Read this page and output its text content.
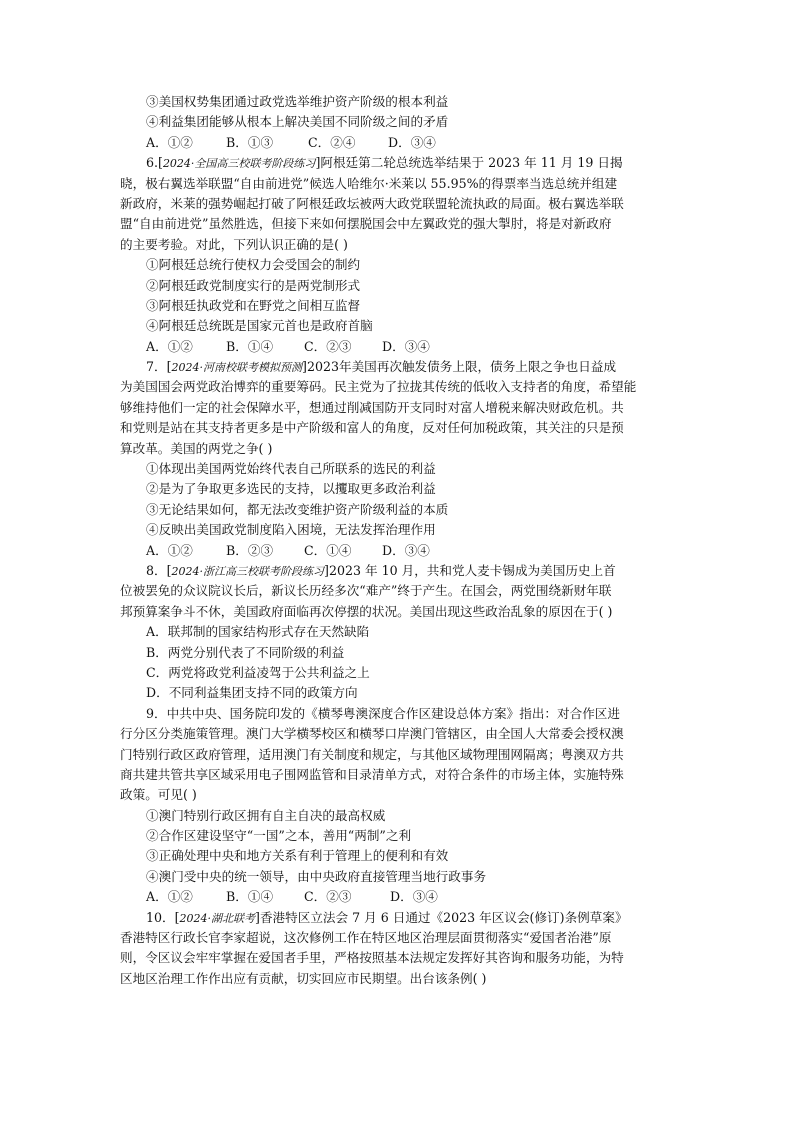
③美国权势集团通过政党选举维护资产阶级的根本利益
④利益集团能够从根本上解决美国不同阶级之间的矛盾
A．①②	B．①③	C．②④	D．③④
6.[2024·全国高三校联考阶段练习]阿根廷第二轮总统选举结果于 2023 年 11 月 19 日揭
晓，极右翼选举联盟“自由前进党”候选人哈维尔·米莱以 55.95%的得票率当选总统并组建
新政府，米莱的强势崛起打破了阿根廷政坛被两大政党联盟轮流执政的局面。极右翼选举联
盟“自由前进党”虽然胜选，但接下来如何摆脱国会中左翼政党的强大掣肘，将是对新政府
的主要考验。对此，下列认识正确的是( )
①阿根廷总统行使权力会受国会的制约
②阿根廷政党制度实行的是两党制形式
③阿根廷执政党和在野党之间相互监督
④阿根廷总统既是国家元首也是政府首脑
A．①②	B．①④ C．②③ D．③④
7．[2024·河南校联考模拟预测]2023年美国再次触发债务上限，债务上限之争也日益成
为美国国会两党政治博弈的重要筹码。民主党为了拉拢其传统的低收入支持者的角度，希望能
够维持他们一定的社会保障水平，想通过削减国防开支同时对富人增税来解决财政危机。共
和党则是站在其支持者更多是中产阶级和富人的角度，反对任何加税政策，其关注的只是预
算改革。美国的两党之争( )
①体现出美国两党始终代表自己所联系的选民的利益
②是为了争取更多选民的支持，以攫取更多政治利益
③无论结果如何，都无法改变维护资产阶级利益的本质
④反映出美国政党制度陷入困境，无法发挥治理作用
A．①②	B．②③ C．①④ D．③④
8．[2024·浙江高三校联考阶段练习]2023 年 10 月，共和党人麦卡锡成为美国历史上首
位被罢免的众议院议长后，新议长历经多次“难产”终于产生。在国会，两党围绕新财年联
邦预算案争斗不休，美国政府面临再次停摆的状况。美国出现这些政治乱象的原因在于( )
A．联邦制的国家结构形式存在天然缺陷
B．两党分别代表了不同阶级的利益
C．两党将政党利益凌驾于公共利益之上
D．不同利益集团支持不同的政策方向
9．中共中央、国务院印发的《横琴粤澳深度合作区建设总体方案》指出：对合作区进
行分区分类施策管理。澳门大学横琴校区和横琴口岸澳门管辖区，由全国人大常委会授权澳
门特别行政区政府管理，适用澳门有关制度和规定，与其他区域物理围网隔离；粤澳双方共
商共建共管共享区域采用电子围网监管和目录清单方式，对符合条件的市场主体，实施特殊
政策。可见( )
①澳门特别行政区拥有自主自决的最高权威
②合作区建设坚守“一国”之本，善用“两制”之利
③正确处理中央和地方关系有利于管理上的便利和有效
④澳门受中央的统一领导，由中央政府直接管理当地行政事务
A．①②	B．①④ C．②③	D．③④
10．[2024·湖北联考]香港特区立法会 7 月 6 日通过《2023 年区议会(修订)条例草案》
香港特区行政长官李家超说，这次修例工作在特区地区治理层面贯彻落实“爱国者治港”原
则，令区议会牢牢掌握在爱国者手里，严格按照基本法规定发挥好其咨询和服务功能，为特
区地区治理工作作出应有贡献，切实回应市民期望。出台该条例( )
